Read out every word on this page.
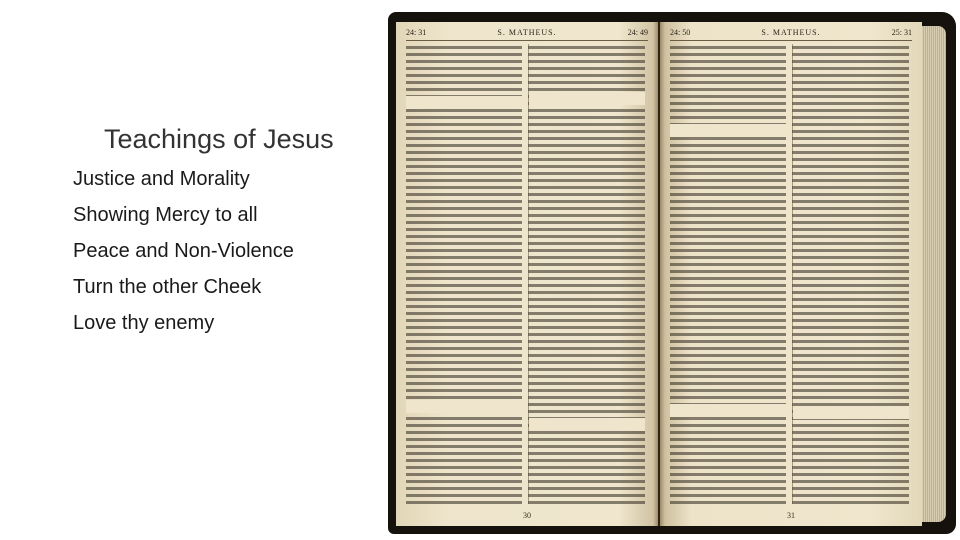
Teachings of Jesus
Justice and Morality
Showing Mercy to all
Peace and Non-Violence
Turn the other Cheek
Love thy enemy
24: 31	S. MATHEUS.	24: 49
30
24: 50	S. MATHEUS.	25: 31
31
